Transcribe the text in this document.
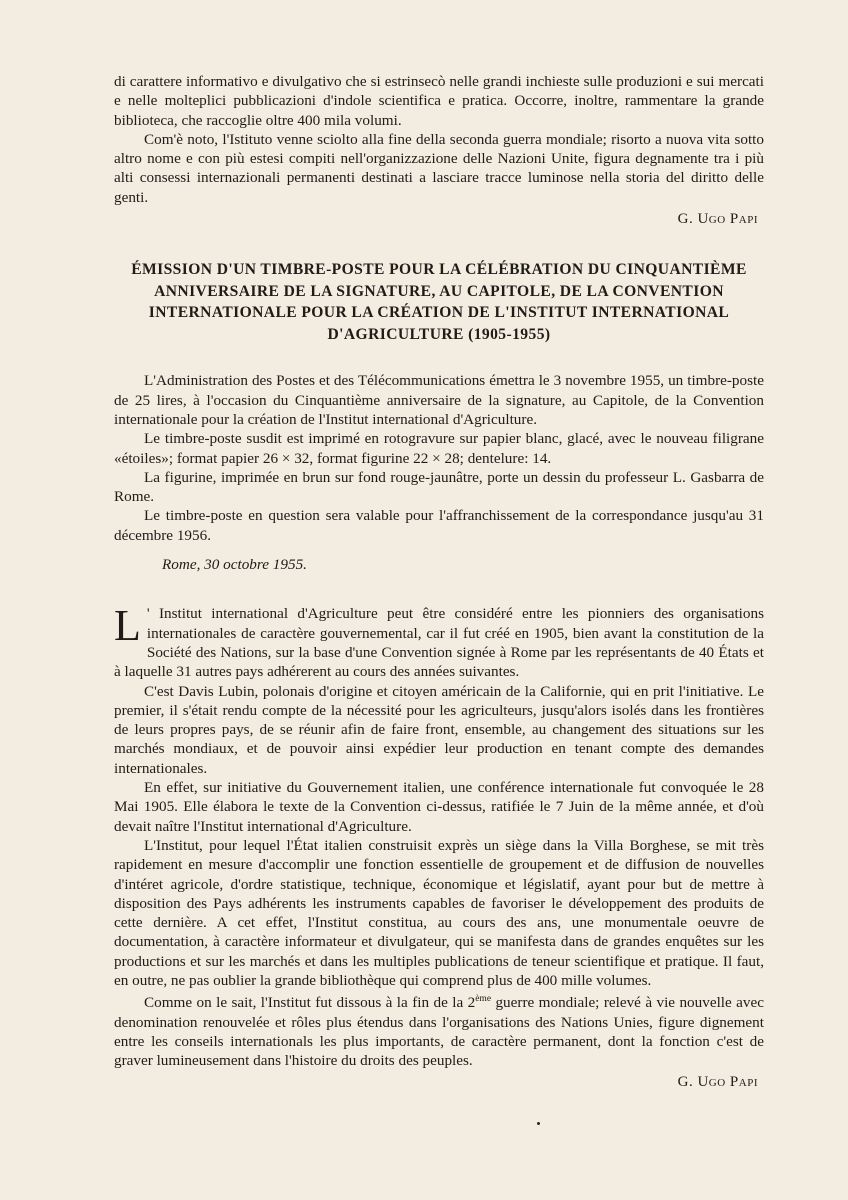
di carattere informativo e divulgativo che si estrinsecò nelle grandi inchieste sulle produzioni e sui mercati e nelle molteplici pubblicazioni d'indole scientifica e pratica. Occorre, inoltre, rammentare la grande biblioteca, che raccoglie oltre 400 mila volumi.

Com'è noto, l'Istituto venne sciolto alla fine della seconda guerra mondiale; risorto a nuova vita sotto altro nome e con più estesi compiti nell'organizzazione delle Nazioni Unite, figura degnamente tra i più alti consessi internazionali permanenti destinati a lasciare tracce luminose nella storia del diritto delle genti.

G. Ugo Papi

ÉMISSION D'UN TIMBRE-POSTE POUR LA CÉLÉBRATION DU CINQUANTIÈME
ANNIVERSAIRE DE LA SIGNATURE, AU CAPITOLE, DE LA CONVENTION
INTERNATIONALE POUR LA CRÉATION DE L'INSTITUT INTERNATIONAL
D'AGRICULTURE (1905-1955)

L'Administration des Postes et des Télécommunications émettra le 3 novembre 1955, un timbre-poste de 25 lires, à l'occasion du Cinquantième anniversaire de la signature, au Capitole, de la Convention internationale pour la création de l'Institut international d'Agriculture.

Le timbre-poste susdit est imprimé en rotogravure sur papier blanc, glacé, avec le nouveau filigrane «étoiles»; format papier 26 × 32, format figurine 22 × 28; dentelure: 14.

La figurine, imprimée en brun sur fond rouge-jaunâtre, porte un dessin du professeur L. Gasbarra de Rome.

Le timbre-poste en question sera valable pour l'affranchissement de la correspondance jusqu'au 31 décembre 1956.

Rome, 30 octobre 1955.

L ' Institut international d'Agriculture peut être considéré entre les pionniers des organisations internationales de caractère gouvernemental, car il fut créé en 1905, bien avant la constitution de la Société des Nations, sur la base d'une Convention signée à Rome par les représentants de 40 États et à laquelle 31 autres pays adhérerent au cours des années suivantes.

C'est Davis Lubin, polonais d'origine et citoyen américain de la Californie, qui en prit l'initiative. Le premier, il s'était rendu compte de la nécessité pour les agriculteurs, jusqu'alors isolés dans les frontières de leurs propres pays, de se réunir afin de faire front, ensemble, au changement des situations sur les marchés mondiaux, et de pouvoir ainsi expédier leur production en tenant compte des demandes internationales.

En effet, sur initiative du Gouvernement italien, une conférence internationale fut convoquée le 28 Mai 1905. Elle élabora le texte de la Convention ci-dessus, ratifiée le 7 Juin de la même année, et d'où devait naître l'Institut international d'Agriculture.

L'Institut, pour lequel l'État italien construisit exprès un siège dans la Villa Borghese, se mit très rapidement en mesure d'accomplir une fonction essentielle de groupement et de diffusion de nouvelles d'intéret agricole, d'ordre statistique, technique, économique et législatif, ayant pour but de mettre à disposition des Pays adhérents les instruments capables de favoriser le développement des produits de cette dernière. A cet effet, l'Institut constitua, au cours des ans, une monumentale oeuvre de documentation, à caractère informateur et divulgateur, qui se manifesta dans de grandes enquêtes sur les productions et sur les marchés et dans les multiples publications de teneur scientifique et pratique. Il faut, en outre, ne pas oublier la grande bibliothèque qui comprend plus de 400 mille volumes.

Comme on le sait, l'Institut fut dissous à la fin de la 2ème guerre mondiale; relevé à vie nouvelle avec denomination renouvelée et rôles plus étendus dans l'organisations des Nations Unies, figure dignement entre les conseils internationals les plus importants, de caractère permanent, dont la fonction c'est de graver lumineusement dans l'histoire du droits des peuples.

G. Ugo Papi
